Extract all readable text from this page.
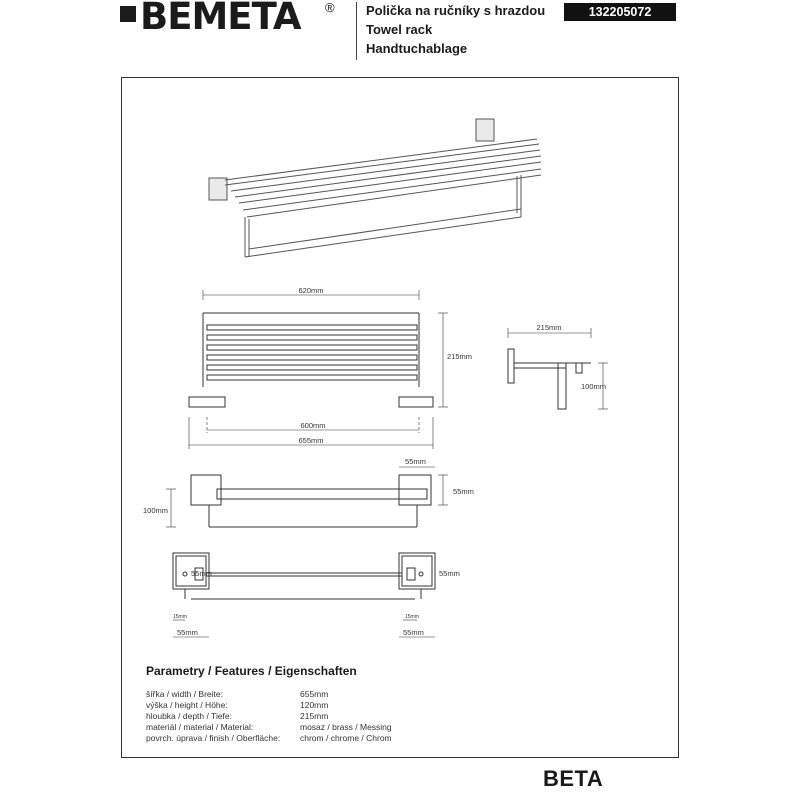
BEMETA ® Polička na ručníky s hrazdou
Towel rack
Handtuchablage
132205072
620mm
215mm
600mm
655mm
215mm
100mm
55mm
55mm
100mm
55mm	55mm
15mm	15mm
55mm	55mm
Parametry / Features / Eigenschaften
šířka / width / Breite:	655mm
výška / height / Höhe:	120mm
hloubka / depth / Tiefe:	215mm
materiál / material / Material:	mosaz / brass / Messing
povrch. úprava / finish / Oberfläche: chrom / chrome / Chrom
BETA
